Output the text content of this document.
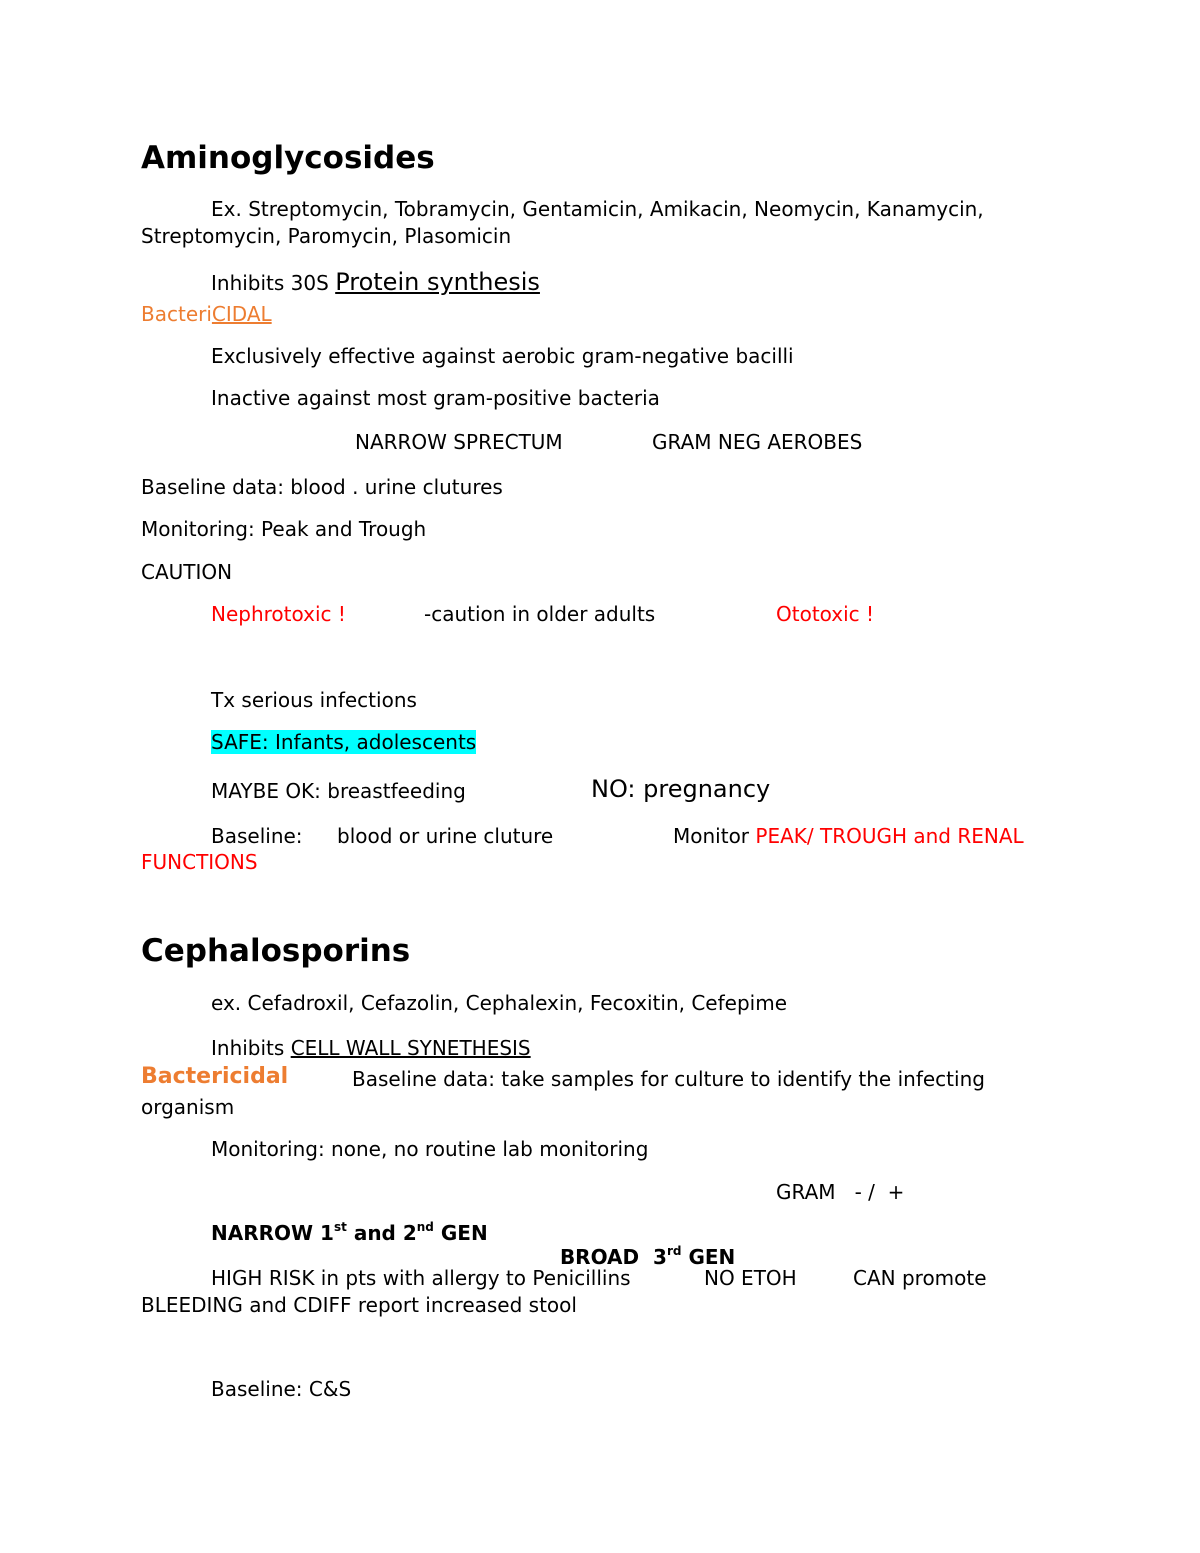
Aminoglycosides
Ex. Streptomycin, Tobramycin, Gentamicin, Amikacin, Neomycin, Kanamycin,
Streptomycin, Paromycin, Plasomicin
Inhibits 30S Protein synthesis
BacteriCIDAL
Exclusively effective against aerobic gram-negative bacilli
Inactive against most gram-positive bacteria
NARROW SPRECTUM	GRAM NEG AEROBES
Baseline data: blood . urine clutures
Monitoring: Peak and Trough
CAUTION
Nephrotoxic !	-caution in older adults	Ototoxic !
Tx serious infections
SAFE: Infants, adolescents
MAYBE OK: breastfeeding	NO: pregnancy
Baseline: blood or urine cluture	Monitor PEAK/ TROUGH and RENAL
FUNCTIONS
Cephalosporins
ex. Cefadroxil, Cefazolin, Cephalexin, Fecoxitin, Cefepime
Inhibits CELL WALL SYNETHESIS
Bactericidal	Baseline data: take samples for culture to identify the infecting
organism
Monitoring: none, no routine lab monitoring
GRAM   - /  +
NARROW 1st and 2nd GEN

BROAD  3rd GEN

HIGH RISK in pts with allergy to Penicillins	NO ETOH	CAN promote
BLEEDING and CDIFF report increased stool
Baseline: C&S
